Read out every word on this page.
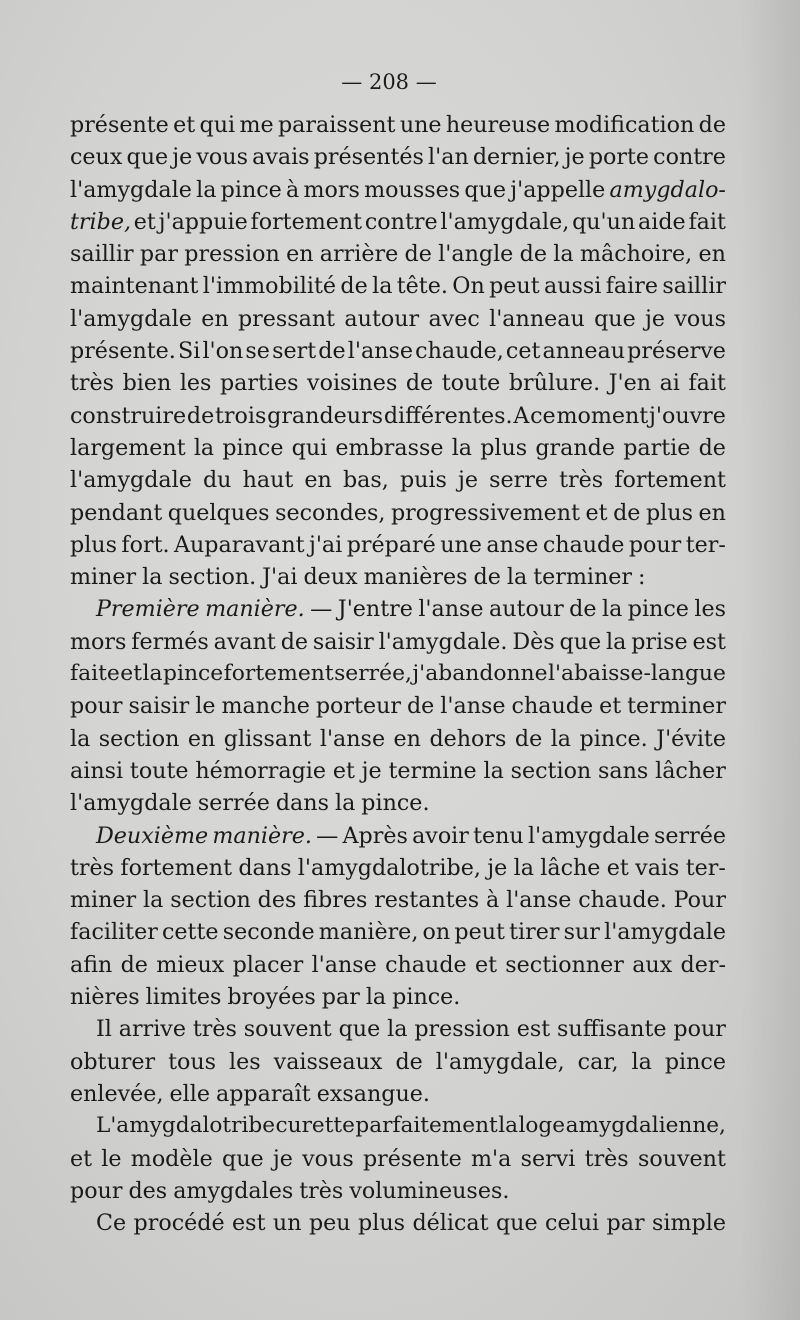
— 208 —
présente et qui me paraissent une heureuse modification de
ceux que je vous avais présentés l'an dernier, je porte contre
l'amygdale la pince à mors mousses que j'appelle amygdalo-
tribe, et j'appuie fortement contre l'amygdale, qu'un aide fait
saillir par pression en arrière de l'angle de la mâchoire, en
maintenant l'immobilité de la tête. On peut aussi faire saillir
l'amygdale en pressant autour avec l'anneau que je vous
présente. Si l'on se sert de l'anse chaude, cet anneau préserve
très bien les parties voisines de toute brûlure. J'en ai fait
construire de trois grandeurs différentes. A ce moment j'ouvre
largement la pince qui embrasse la plus grande partie de
l'amygdale du haut en bas, puis je serre très fortement
pendant quelques secondes, progressivement et de plus en
plus fort. Auparavant j'ai préparé une anse chaude pour ter-
miner la section. J'ai deux manières de la terminer :
Première manière. — J'entre l'anse autour de la pince les
mors fermés avant de saisir l'amygdale. Dès que la prise est
faite et la pince fortement serrée, j'abandonne l'abaisse-langue
pour saisir le manche porteur de l'anse chaude et terminer
la section en glissant l'anse en dehors de la pince. J'évite
ainsi toute hémorragie et je termine la section sans lâcher
l'amygdale serrée dans la pince.
Deuxième manière. — Après avoir tenu l'amygdale serrée
très fortement dans l'amygdalotribe, je la lâche et vais ter-
miner la section des fibres restantes à l'anse chaude. Pour
faciliter cette seconde manière, on peut tirer sur l'amygdale
afin de mieux placer l'anse chaude et sectionner aux der-
nières limites broyées par la pince.
Il arrive très souvent que la pression est suffisante pour
obturer tous les vaisseaux de l'amygdale, car, la pince
enlevée, elle apparaît exsangue.
L'amygdalotribe curette parfaitement la loge amygdalienne,
et le modèle que je vous présente m'a servi très souvent
pour des amygdales très volumineuses.
Ce procédé est un peu plus délicat que celui par simple
